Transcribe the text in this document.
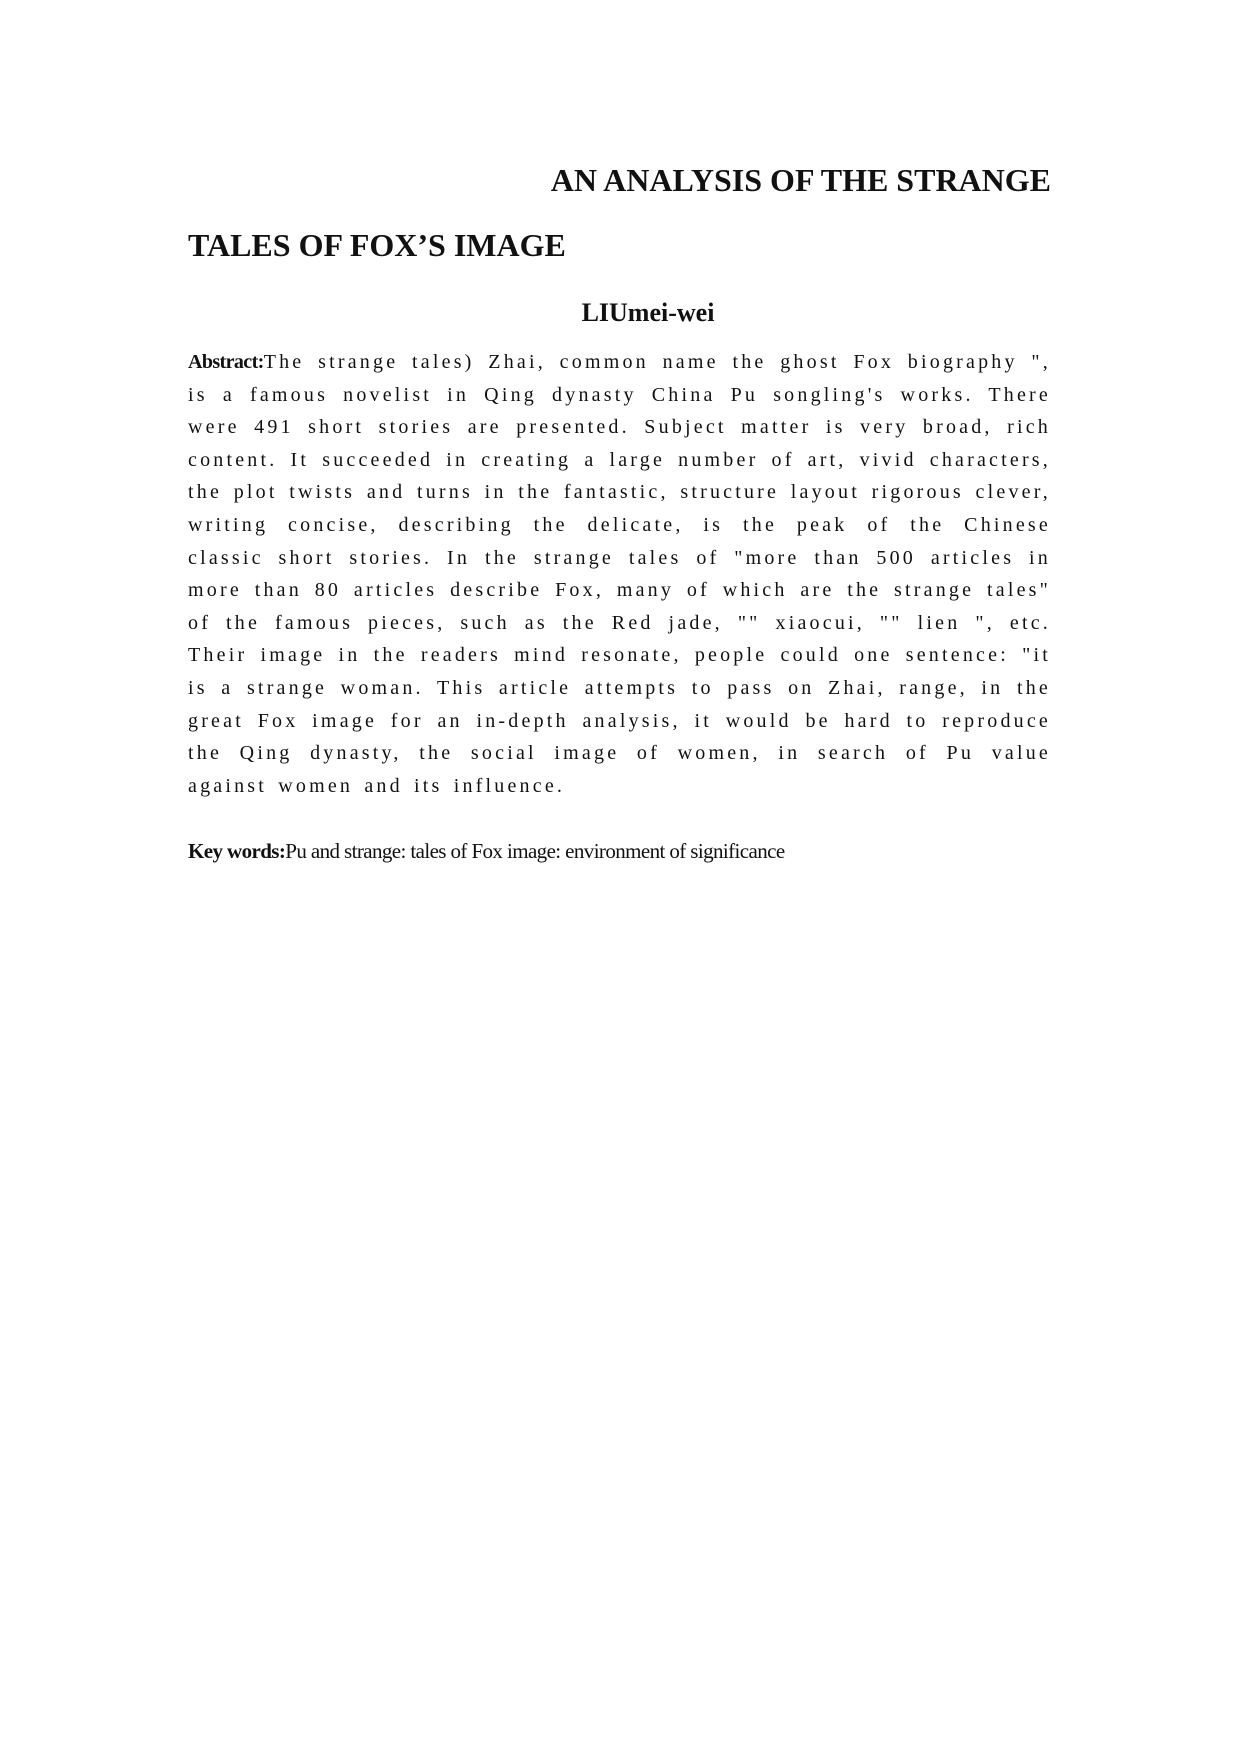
AN ANALYSIS OF THE STRANGE
TALES OF FOX’S IMAGE
LIUmei-wei
Abstract:The strange tales) Zhai, common name the ghost Fox biography ", is a famous novelist in Qing dynasty China Pu songling's works. There were 491 short stories are presented. Subject matter is very broad, rich content. It succeeded in creating a large number of art, vivid characters, the plot twists and turns in the fantastic, structure layout rigorous clever, writing concise, describing the delicate, is the peak of the Chinese classic short stories. In the strange tales of "more than 500 articles in more than 80 articles describe Fox, many of which are the strange tales" of the famous pieces, such as the Red jade, "" xiaocui, "" lien ", etc. Their image in the readers mind resonate, people could one sentence: "it is a strange woman. This article attempts to pass on Zhai, range, in the great Fox image for an in-depth analysis, it would be hard to reproduce the Qing dynasty, the social image of women, in search of Pu value against women and its influence.
Key words:Pu and strange: tales of Fox image: environment of significance
